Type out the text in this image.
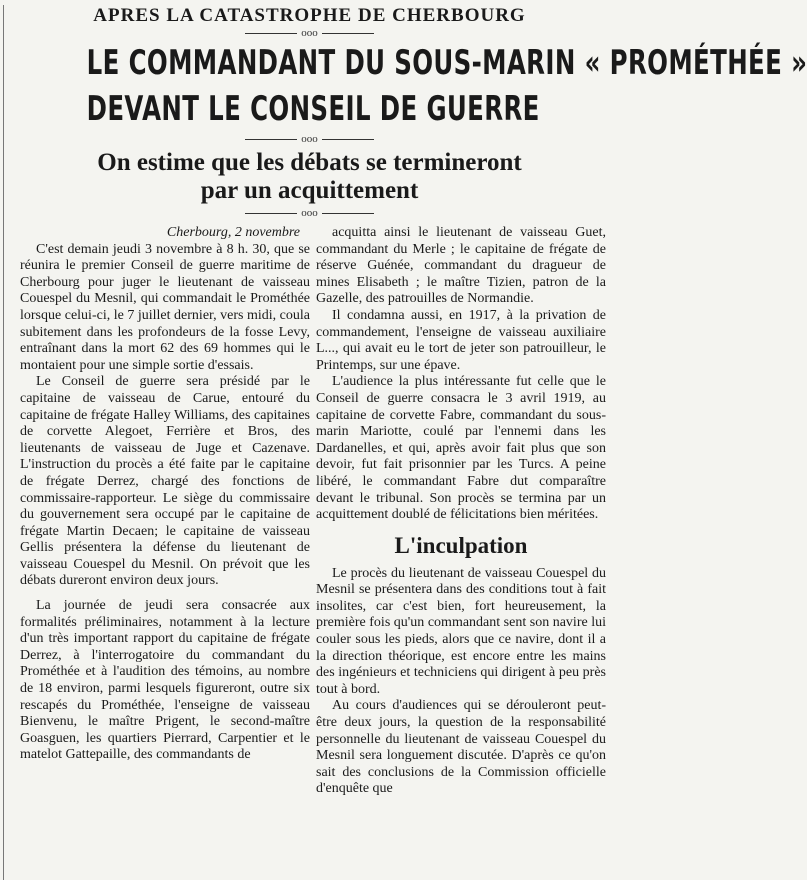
APRES LA CATASTROPHE DE CHERBOURG
ooo
LE COMMANDANT DU SOUS-MARIN « PROMÉTHÉE »
DEVANT LE CONSEIL DE GUERRE
ooo
On estime que les débats se termineront
par un acquittement
ooo

Cherbourg, 2 novembre

C'est demain jeudi 3 novembre à 8 h. 30, que se réunira le premier Conseil de guerre maritime de Cherbourg pour juger le lieutenant de vaisseau Couespel du Mesnil, qui commandait le Prométhée lorsque celui-ci, le 7 juillet dernier, vers midi, coula subitement dans les profondeurs de la fosse Levy, entraînant dans la mort 62 des 69 hommes qui le montaient pour une simple sortie d'essais.

Le Conseil de guerre sera présidé par le capitaine de vaisseau de Carue, entouré du capitaine de frégate Halley Williams, des capitaines de corvette Alegoet, Ferrière et Bros, des lieutenants de vaisseau de Juge et Cazenave. L'instruction du procès a été faite par le capitaine de frégate Derrez, chargé des fonctions de commissaire-rapporteur. Le siège du commissaire du gouvernement sera occupé par le capitaine de frégate Martin Decaen; le capitaine de vaisseau Gellis présentera la défense du lieutenant de vaisseau Couespel du Mesnil. On prévoit que les débats dureront environ deux jours.

La journée de jeudi sera consacrée aux formalités préliminaires, notamment à la lecture d'un très important rapport du capitaine de frégate Derrez, à l'interrogatoire du commandant du Prométhée et à l'audition des témoins, au nombre de 18 environ, parmi lesquels figureront, outre six rescapés du Prométhée, l'enseigne de vaisseau Bienvenu, le maître Prigent, le second-maître Goasguen, les quartiers Pierrard, Carpentier et le matelot Gattepaille, des commandants de

acquitta ainsi le lieutenant de vaisseau Guet, commandant du Merle ; le capitaine de frégate de réserve Guénée, commandant du dragueur de mines Elisabeth ; le maître Tizien, patron de la Gazelle, des patrouilles de Normandie.

Il condamna aussi, en 1917, à la privation de commandement, l'enseigne de vaisseau auxiliaire L..., qui avait eu le tort de jeter son patrouilleur, le Printemps, sur une épave.

L'audience la plus intéressante fut celle que le Conseil de guerre consacra le 3 avril 1919, au capitaine de corvette Fabre, commandant du sous-marin Mariotte, coulé par l'ennemi dans les Dardanelles, et qui, après avoir fait plus que son devoir, fut fait prisonnier par les Turcs. A peine libéré, le commandant Fabre dut comparaître devant le tribunal. Son procès se termina par un acquittement doublé de félicitations bien méritées.

L'inculpation

Le procès du lieutenant de vaisseau Couespel du Mesnil se présentera dans des conditions tout à fait insolites, car c'est bien, fort heureusement, la première fois qu'un commandant sent son navire lui couler sous les pieds, alors que ce navire, dont il a la direction théorique, est encore entre les mains des ingénieurs et techniciens qui dirigent à peu près tout à bord.

Au cours d'audiences qui se dérouleront peut-être deux jours, la question de la responsabilité personnelle du lieutenant de vaisseau Couespel du Mesnil sera longuement discutée. D'après ce qu'on sait des conclusions de la Commission officielle d'enquête que
